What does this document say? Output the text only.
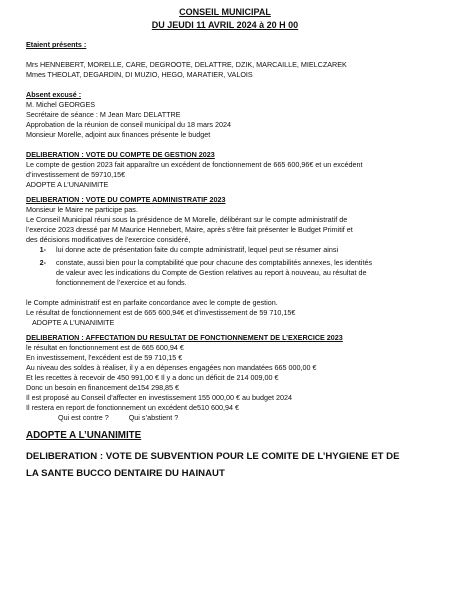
CONSEIL MUNICIPAL
DU JEUDI 11 AVRIL 2024 à 20 H 00
Etaient présents :
Mrs HENNEBERT, MORELLE, CARE, DEGROOTE, DELATTRE, DZIK, MARCAILLE, MIELCZAREK
Mmes THEOLAT, DEGARDIN, DI MUZIO, HEGO, MARATIER, VALOIS
Absent excusé :
M. Michel GEORGES
Secrétaire de séance : M Jean Marc DELATTRE
Approbation de la réunion de conseil municipal du 18 mars 2024
Monsieur Morelle, adjoint aux finances présente le budget
DELIBERATION : VOTE DU COMPTE DE GESTION 2023
Le compte de gestion 2023 fait apparaître un excédent de fonctionnement de 665 600,96€ et un excédent
d’investissement de 59710,15€
ADOPTE A L’UNANIMITE
DELIBERATION : VOTE DU COMPTE ADMINISTRATIF 2023
Monsieur le Maire ne participe pas.
Le Conseil Municipal réuni sous la présidence de M Morelle, délibérant sur le compte administratif de
l’exercice 2023 dressé par M Maurice Hennebert, Maire, après s’être fait présenter le Budget Primitif et
des décisions modificatives de l’exercice considéré,
1-	lui donne acte de présentation faite du compte administratif, lequel peut se résumer ainsi
2-	constate, aussi bien pour la comptabilité que pour chacune des comptabilités annexes, les identités
de valeur avec les indications du Compte de Gestion relatives au report à nouveau, au résultat de
fonctionnement de l’exercice et au fonds.
le Compte administratif est en parfaite concordance avec le compte de gestion.
Le résultat de fonctionnement est de 665 600,94€ et d’investissement de 59 710,15€
ADOPTE A L’UNANIMITE
DELIBERATION : AFFECTATION DU RESULTAT DE FONCTIONNEMENT DE L’EXERCICE 2023
le résultat en fonctionnement est de 665 600,94 €
En investissement, l’excédent est de 59 710,15 €
Au niveau des soldes à réaliser, il y a en dépenses engagées non mandatées 665 000,00 €
Et les recettes à recevoir de 450 991,00 € Il y a donc un déficit de 214 009,00 €
Donc un besoin en financement de154 298,85 €
Il est proposé au Conseil d’affecter en investissement 155 000,00 € au budget 2024
Il restera en report de fonctionnement un excédent de510 600,94 €
Qui est contre ?          Qui s’abstient ?
ADOPTE A L’UNANIMITE
DELIBERATION : VOTE DE SUBVENTION POUR LE COMITE DE L’HYGIENE ET DE
LA SANTE BUCCO DENTAIRE DU HAINAUT
